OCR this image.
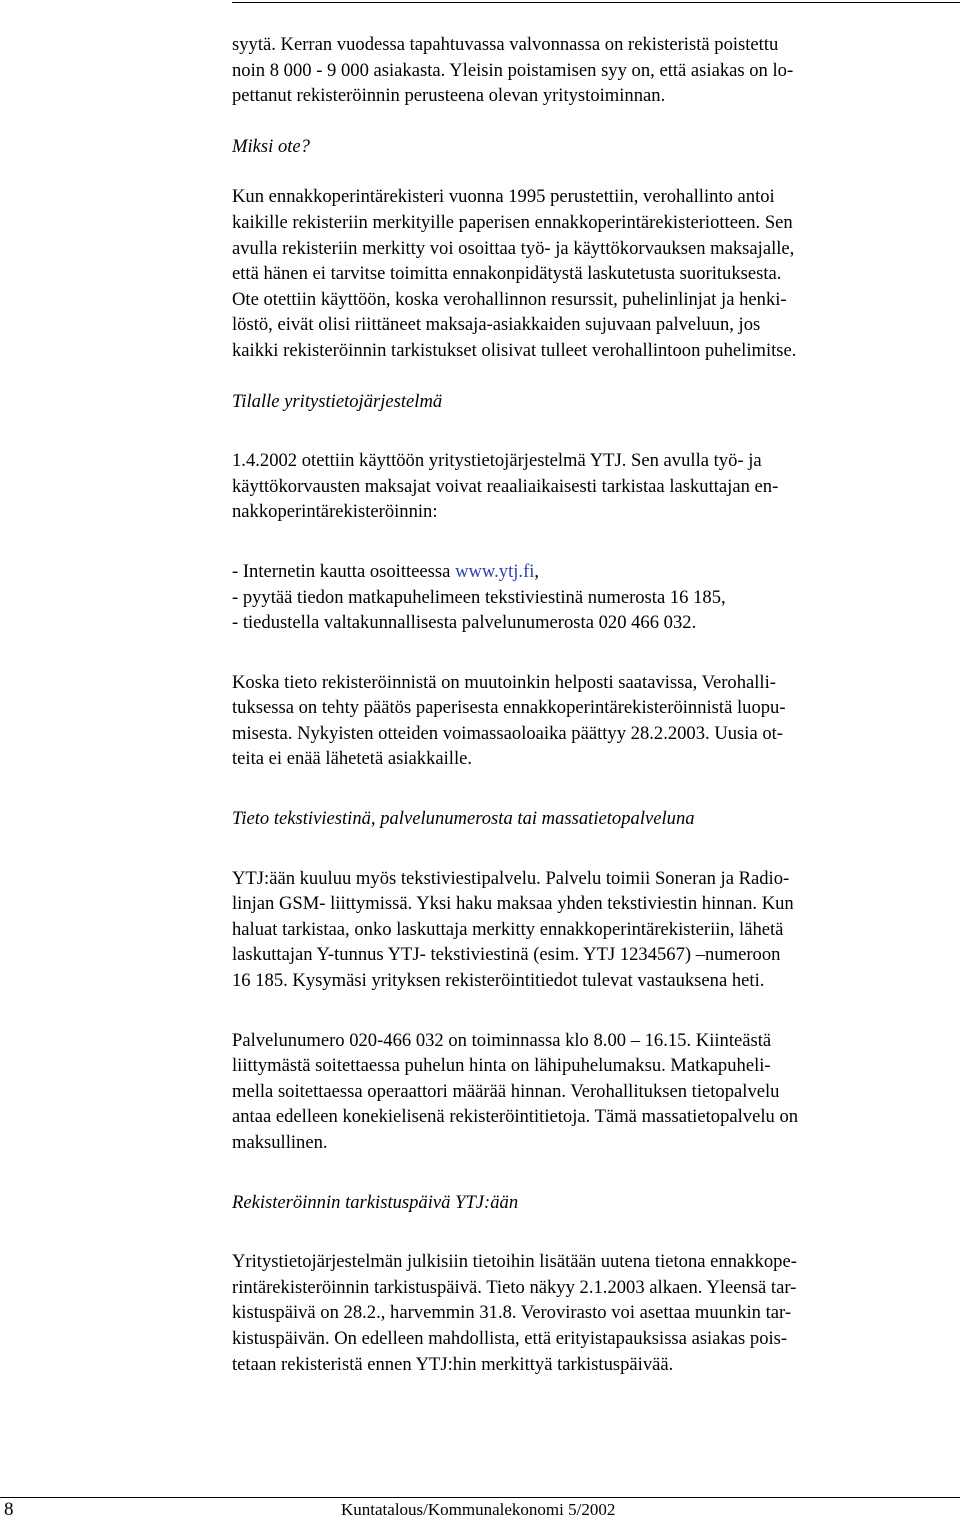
syytä. Kerran vuodessa tapahtuvassa valvonnassa on rekisteristä poistettu
noin 8 000 - 9 000 asiakasta. Yleisin poistamisen syy on, että asiakas on lo-
pettanut rekisteröinnin perusteena olevan yritystoiminnan.
Miksi ote?
Kun ennakkoperintärekisteri vuonna 1995 perustettiin, verohallinto antoi
kaikille rekisteriin merkityille paperisen ennakkoperintärekisteriotteen. Sen
avulla rekisteriin merkitty voi osoittaa työ- ja käyttökorvauksen maksajalle,
että hänen ei tarvitse toimitta ennakonpidätystä laskutetusta suorituksesta.
Ote otettiin käyttöön, koska verohallinnon resurssit, puhelinlinjat ja henki-
löstö, eivät olisi riittäneet maksaja-asiakkaiden sujuvaan palveluun, jos
kaikki rekisteröinnin tarkistukset olisivat tulleet verohallintoon puhelimitse.
Tilalle yritystietojärjestelmä
1.4.2002 otettiin käyttöön yritystietojärjestelmä YTJ. Sen avulla työ- ja
käyttökorvausten maksajat voivat reaaliaikaisesti tarkistaa laskuttajan en-
nakkoperintärekisteröinnin:
- Internetin kautta osoitteessa www.ytj.fi,
- pyytää tiedon matkapuhelimeen tekstiviestinä numerosta 16 185,
- tiedustella valtakunnallisesta palvelunumerosta 020 466 032.
Koska tieto rekisteröinnistä on muutoinkin helposti saatavissa, Verohalli-
tuksessa on tehty päätös paperisesta ennakkoperintärekisteröinnistä luopu-
misesta. Nykyisten otteiden voimassaoloaika päättyy 28.2.2003. Uusia ot-
teita ei enää lähetetä asiakkaille.
Tieto tekstiviestinä, palvelunumerosta tai massatietopalveluna
YTJ:ään kuuluu myös tekstiviestipalvelu. Palvelu toimii Soneran ja Radio-
linjan GSM- liittymissä. Yksi haku maksaa yhden tekstiviestin hinnan. Kun
haluat tarkistaa, onko laskuttaja merkitty ennakkoperintärekisteriin, lähetä
laskuttajan Y-tunnus YTJ- tekstiviestinä (esim. YTJ 1234567) –numeroon
16 185. Kysymäsi yrityksen rekisteröintitiedot tulevat vastauksena heti.
Palvelunumero 020-466 032 on toiminnassa klo 8.00 – 16.15. Kiinteästä
liittymästä soitettaessa puhelun hinta on lähipuhelumaksu. Matkapuheli-
mella soitettaessa operaattori määrää hinnan. Verohallituksen tietopalvelu
antaa edelleen konekielisenä rekisteröintitietoja. Tämä massatietopalvelu on
maksullinen.
Rekisteröinnin tarkistuspäivä YTJ:ään
Yritystietojärjestelmän julkisiin tietoihin lisätään uutena tietona ennakkope-
rintärekisteröinnin tarkistuspäivä. Tieto näkyy 2.1.2003 alkaen. Yleensä tar-
kistuspäivä on 28.2., harvemmin 31.8. Verovirasto voi asettaa muunkin tar-
kistuspäivän. On edelleen mahdollista, että erityistapauksissa asiakas pois-
tetaan rekisteristä ennen YTJ:hin merkittyä tarkistuspäivää.
8	Kuntatalous/Kommunalekonomi 5/2002
